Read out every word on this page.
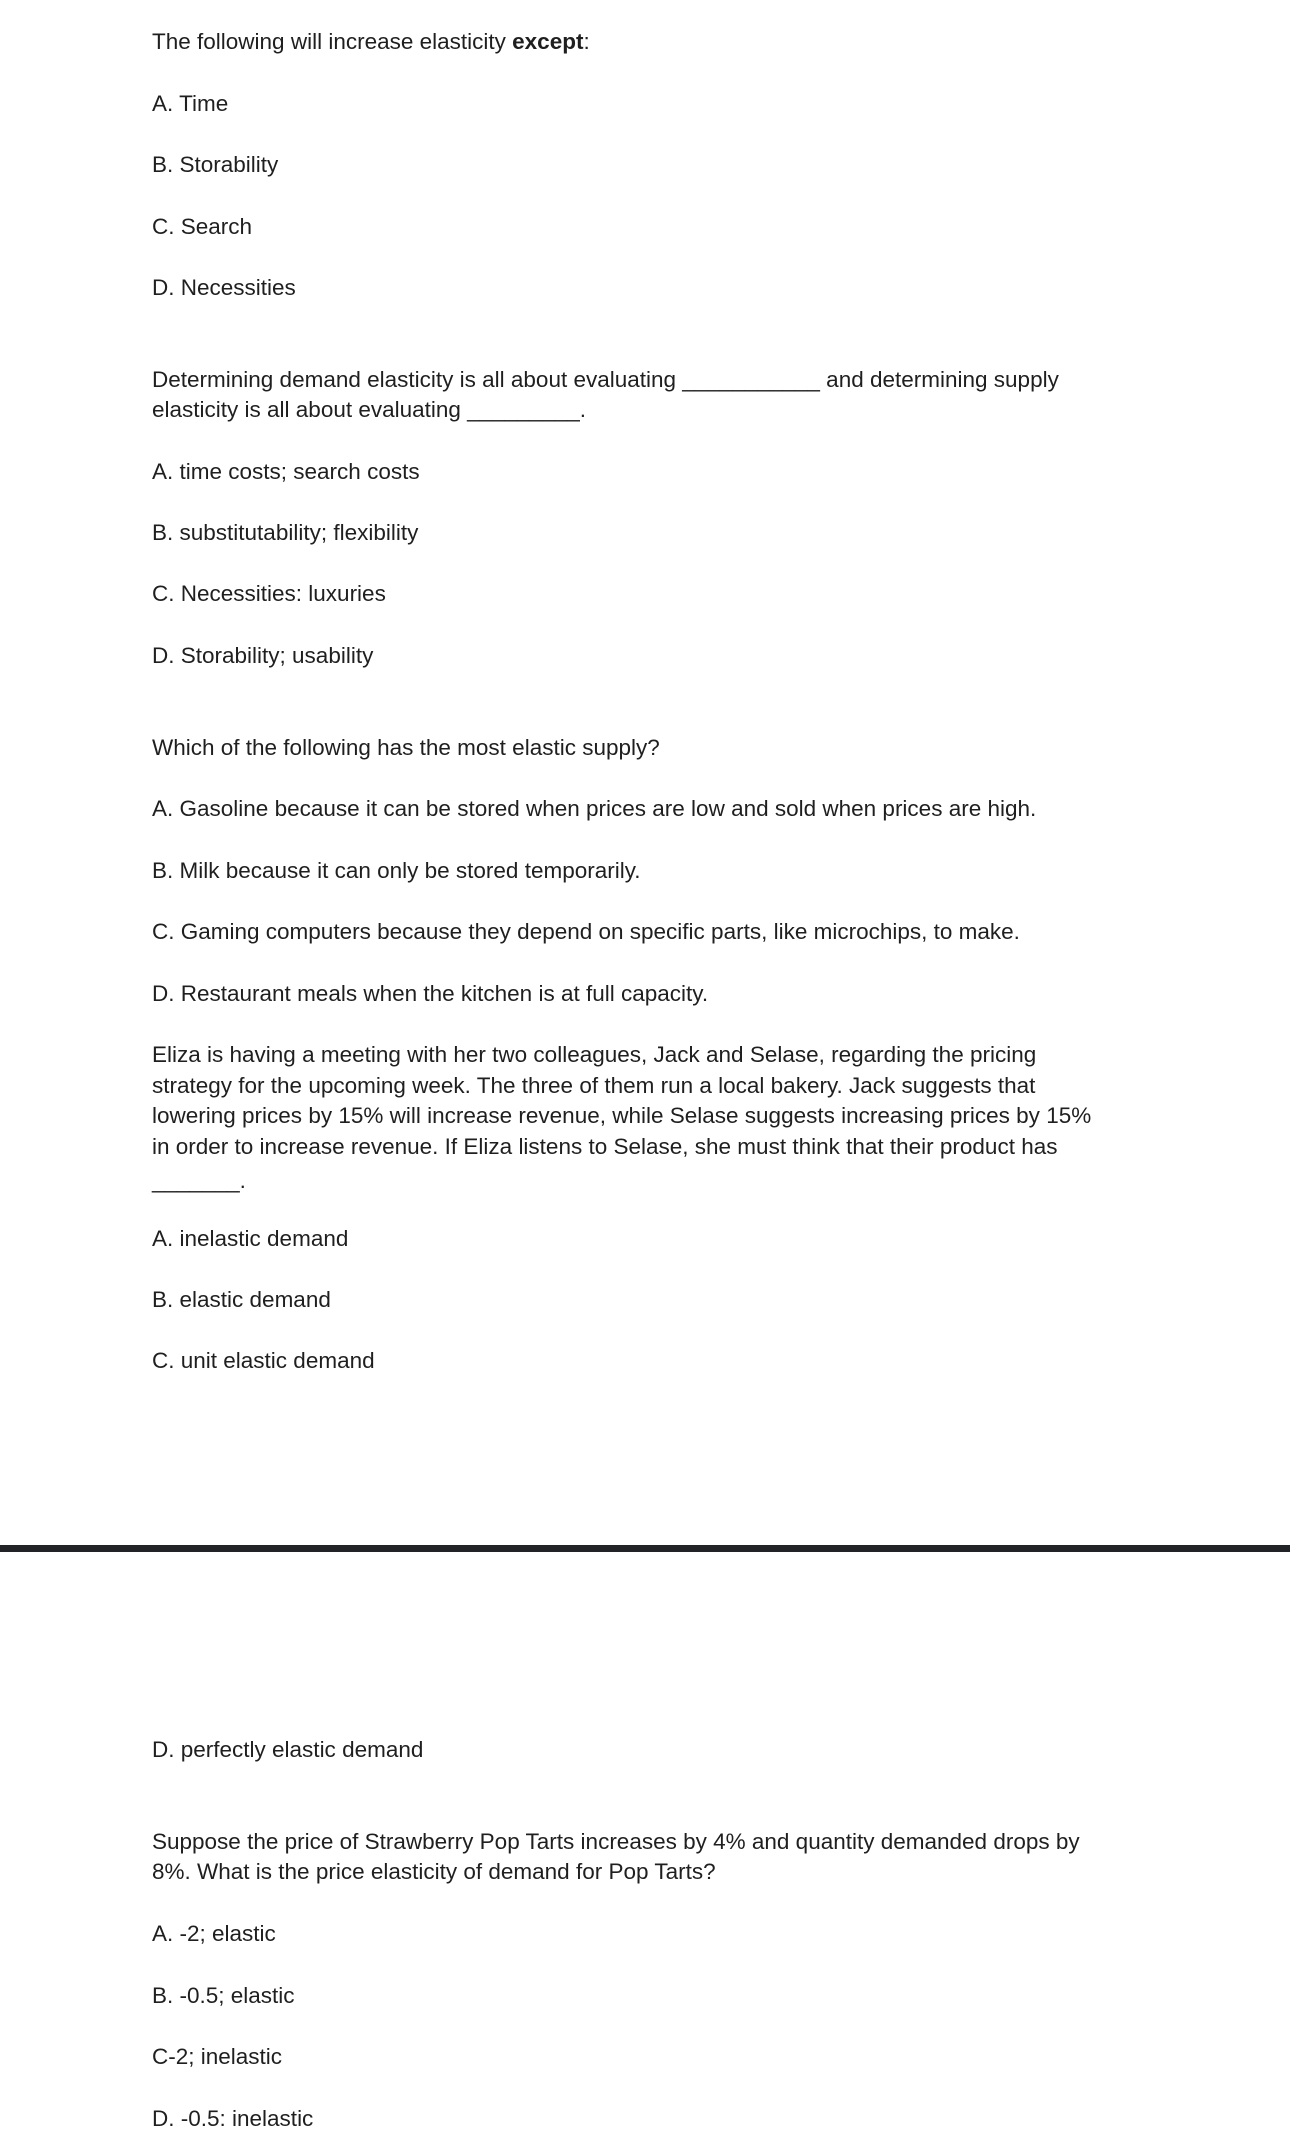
The following will increase elasticity except:
A. Time
B. Storability
C. Search
D. Necessities
Determining demand elasticity is all about evaluating ___________ and determining supply
elasticity is all about evaluating _________.
A. time costs; search costs
B. substitutability; flexibility
C. Necessities: luxuries
D. Storability; usability
Which of the following has the most elastic supply?
A. Gasoline because it can be stored when prices are low and sold when prices are high.
B. Milk because it can only be stored temporarily.
C. Gaming computers because they depend on specific parts, like microchips, to make.
D. Restaurant meals when the kitchen is at full capacity.
Eliza is having a meeting with her two colleagues, Jack and Selase, regarding the pricing
strategy for the upcoming week. The three of them run a local bakery. Jack suggests that
lowering prices by 15% will increase revenue, while Selase suggests increasing prices by 15%
in order to increase revenue. If Eliza listens to Selase, she must think that their product has
_______.
A. inelastic demand
B. elastic demand
C. unit elastic demand
D. perfectly elastic demand
Suppose the price of Strawberry Pop Tarts increases by 4% and quantity demanded drops by
8%. What is the price elasticity of demand for Pop Tarts?
A. -2; elastic
B. -0.5; elastic
C-2; inelastic
D. -0.5: inelastic
